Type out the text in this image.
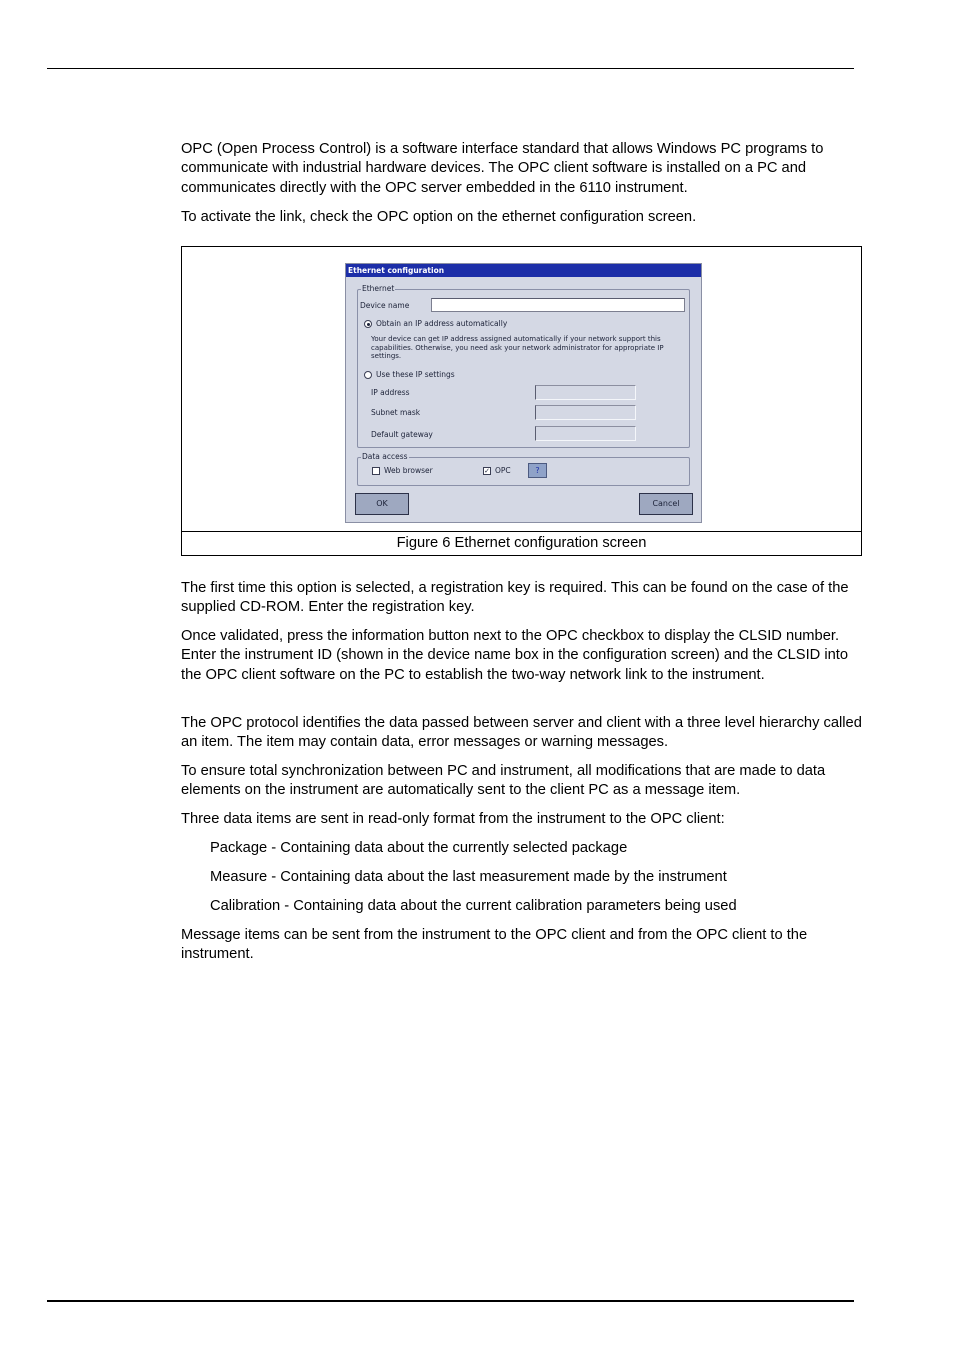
OPC (Open Process Control) is a software interface standard that allows Windows PC programs to communicate with industrial hardware devices. The OPC client software is installed on a PC and communicates directly with the OPC server embedded in the 6110 instrument.

To activate the link, check the OPC option on the ethernet configuration screen.

Ethernet configuration
Ethernet
Device name
Obtain an IP address automatically
Your device can get IP address assigned automatically if your network support this capabilities. Otherwise, you need ask your network administrator for appropriate IP settings.
Use these IP settings
IP address
Subnet mask
Default gateway
Data access
Web browser	✓ OPC	?
OK	Cancel
Figure 6 Ethernet configuration screen

The first time this option is selected, a registration key is required. This can be found on the case of the supplied CD-ROM. Enter the registration key.

Once validated, press the information button next to the OPC checkbox to display the CLSID number. Enter the instrument ID (shown in the device name box in the configuration screen) and the CLSID into the OPC client software on the PC to establish the two-way network link to the instrument.

The OPC protocol identifies the data passed between server and client with a three level hierarchy called an item. The item may contain data, error messages or warning messages.

To ensure total synchronization between PC and instrument, all modifications that are made to data elements on the instrument are automatically sent to the client PC as a message item.

Three data items are sent in read-only format from the instrument to the OPC client:

Package - Containing data about the currently selected package

Measure - Containing data about the last measurement made by the instrument

Calibration - Containing data about the current calibration parameters being used

Message items can be sent from the instrument to the OPC client and from the OPC client to the instrument.
